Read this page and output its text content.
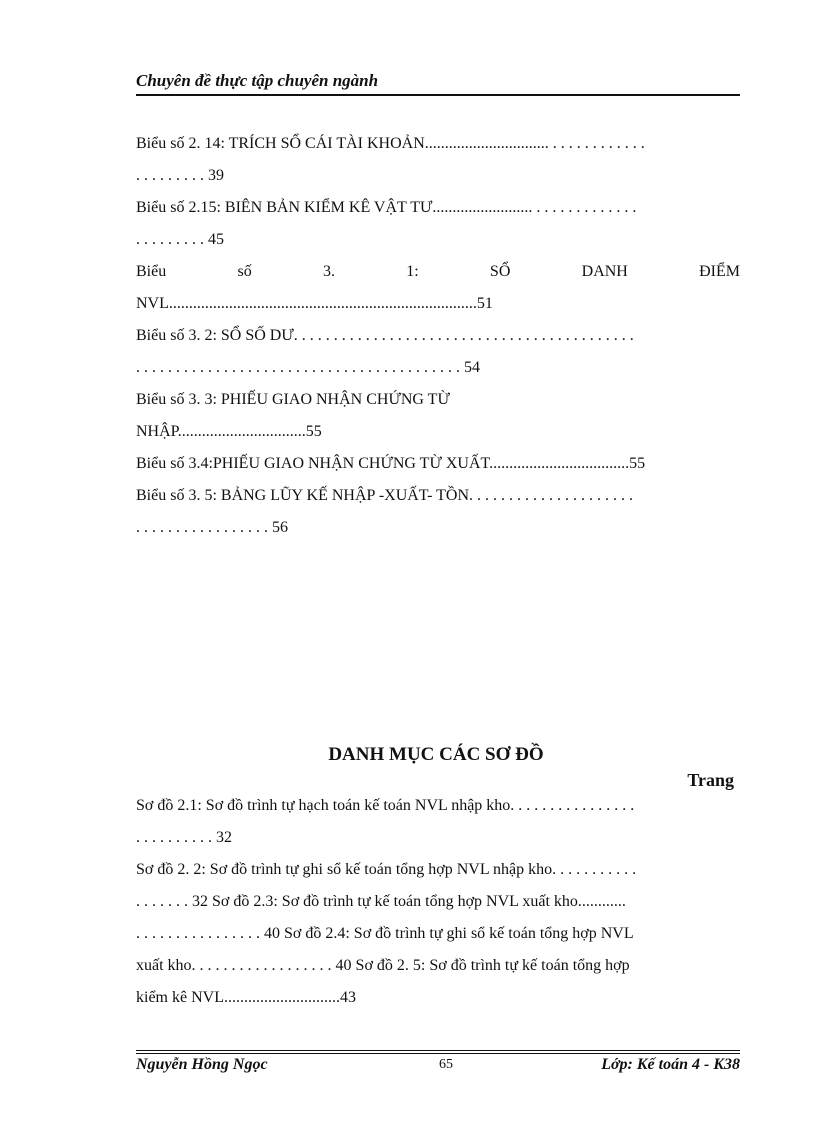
Chuyên đề thực tập chuyên ngành
Biểu số 2. 14: TRÍCH SỔ CÁI TÀI KHOẢN............................... . . . . . . . . . . . .
. . . . . . . . . 39
Biểu số 2.15: BIÊN BẢN KIỂM KÊ VẬT TƯ......................... . . . . . . . . . . . . .
. . . . . . . . . 45
Biểu số 3. 1: SỔ DANH ĐIỂM
NVL.............................................................................51
Biểu số 3. 2: SỔ SỐ DƯ. . . . . . . . . . . . . . . . . . . . . . . . . . . . . . . . . . . . . . . . . . .
. . . . . . . . . . . . . . . . . . . . . . . . . . . . . . . . . . . . . . . . . 54
Biểu số 3. 3: PHIẾU GIAO NHẬN CHỨNG TỪ
NHẬP................................55
Biểu số 3.4:PHIẾU GIAO NHẬN CHỨNG TỪ XUẤT...................................55
Biểu số 3. 5: BẢNG LŨY KẾ NHẬP -XUẤT- TỒN. . . . . . . . . . . . . . . . . . . . .
. . . . . . . . . . . . . . . . . 56
DANH MỤC CÁC SƠ ĐỒ
Trang
Sơ đồ 2.1: Sơ đồ trình tự hạch toán kế toán NVL nhập kho. . . . . . . . . . . . . . . .
. . . . . . . . . . 32
Sơ đồ 2. 2: Sơ đồ trình tự ghi sổ kế toán tổng hợp NVL nhập kho. . . . . . . . . . .
. . . . . . . 32 Sơ đồ 2.3: Sơ đồ trình tự kế toán tổng hợp NVL xuất kho............
. . . . . . . . . . . . . . . . 40 Sơ đồ 2.4: Sơ đồ trình tự ghi sổ kế toán tổng hợp NVL
xuất kho. . . . . . . . . . . . . . . . . . 40 Sơ đồ 2. 5: Sơ đồ trình tự kế toán tổng hợp
kiểm kê NVL.............................43
Nguyễn Hồng Ngọc	65	Lớp: Kế toán 4 - K38
